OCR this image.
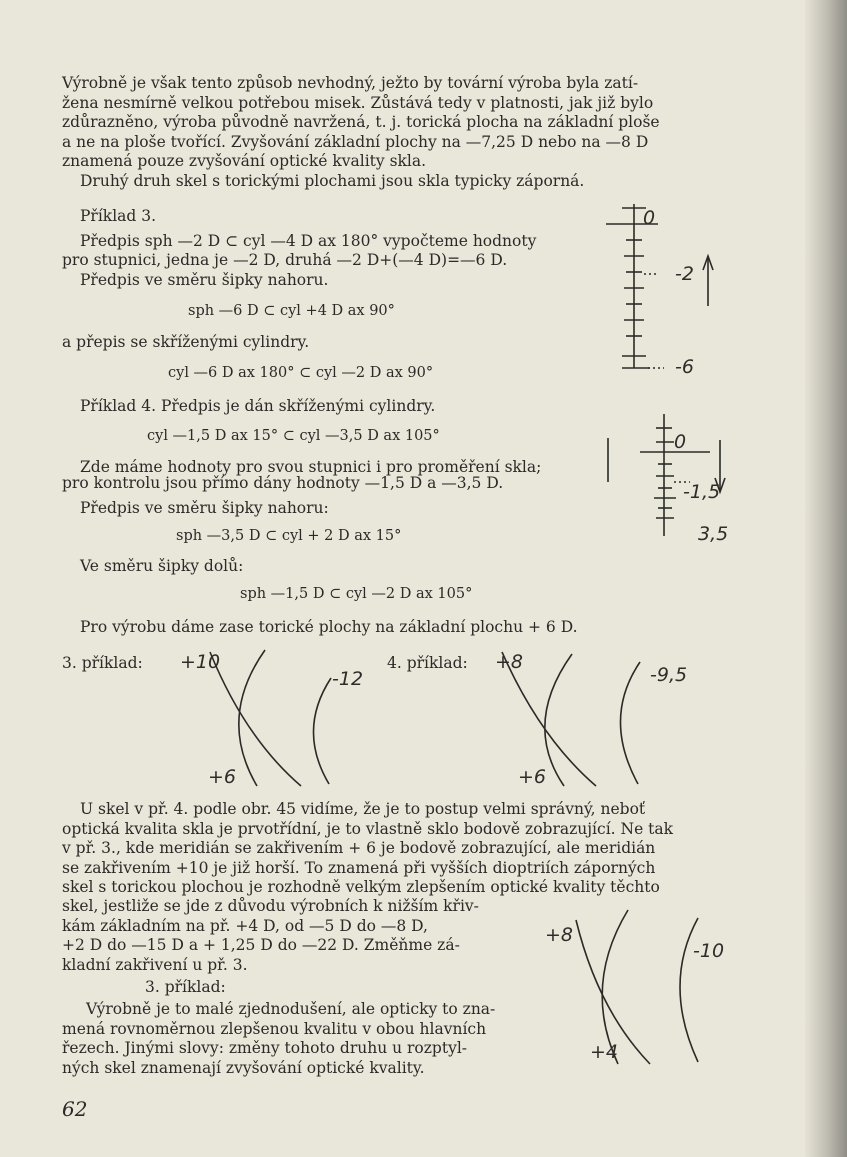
Výrobně je však tento způsob nevhodný, ježto by tovární výroba byla zatí-
žena nesmírně velkou potřebou misek. Zůstává tedy v platnosti, jak již bylo
zdůrazněno, výroba původně navržená, t. j. torická plocha na základní ploše
a ne na ploše tvořící. Zvyšování základní plochy na —7,25 D nebo na —8 D
znamená pouze zvyšování optické kvality skla.
Druhý druh skel s torickými plochami jsou skla typicky záporná.
Příklad 3.
Předpis sph —2 D ⊂ cyl —4 D ax 180° vypočteme hodnoty
pro stupnici, jedna je —2 D, druhá —2 D+(—4 D)=—6 D.
Předpis ve směru šipky nahoru.
sph —6 D ⊂ cyl +4 D ax 90°
a přepis se skříženými cylindry.
cyl —6 D ax 180° ⊂ cyl —2 D ax 90°
0
-2
-6
Příklad 4. Předpis je dán skříženými cylindry.
cyl —1,5 D ax 15° ⊂ cyl —3,5 D ax 105°
Zde máme hodnoty pro svou stupnici i pro proměření skla;
pro kontrolu jsou přímo dány hodnoty —1,5 D a —3,5 D.
Předpis ve směru šipky nahoru:
sph —3,5 D ⊂ cyl + 2 D ax 15°
Ve směru šipky dolů:
sph —1,5 D ⊂ cyl —2 D ax 105°
0
-1,5
3,5
Pro výrobu dáme zase torické plochy na základní plochu + 6 D.
3. příklad: +10
-12
+6
4. příklad: +8
-9,5
+6
U skel v př. 4. podle obr. 45 vidíme, že je to postup velmi správný, neboť
optická kvalita skla je prvotřídní, je to vlastně sklo bodově zobrazující. Ne tak
v př. 3., kde meridián se zakřivením + 6 je bodově zobrazující, ale meridián
se zakřivením +10 je již horší. To znamená při vyšších dioptriích záporných
skel s torickou plochou je rozhodně velkým zlepšením optické kvality těchto
skel, jestliže se jde z důvodu výrobních k nižším křiv-
kám základním na př. +4 D, od —5 D do —8 D,
+2 D do —15 D a + 1,25 D do —22 D. Změňme zá-
kladní zakřivení u př. 3.
3. příklad:
Výrobně je to malé zjednodušení, ale opticky to zna-
mená rovnoměrnou zlepšenou kvalitu v obou hlavních
řezech. Jinými slovy: změny tohoto druhu u rozptyl-
ných skel znamenají zvyšování optické kvality.
+8
-10
+4
62
